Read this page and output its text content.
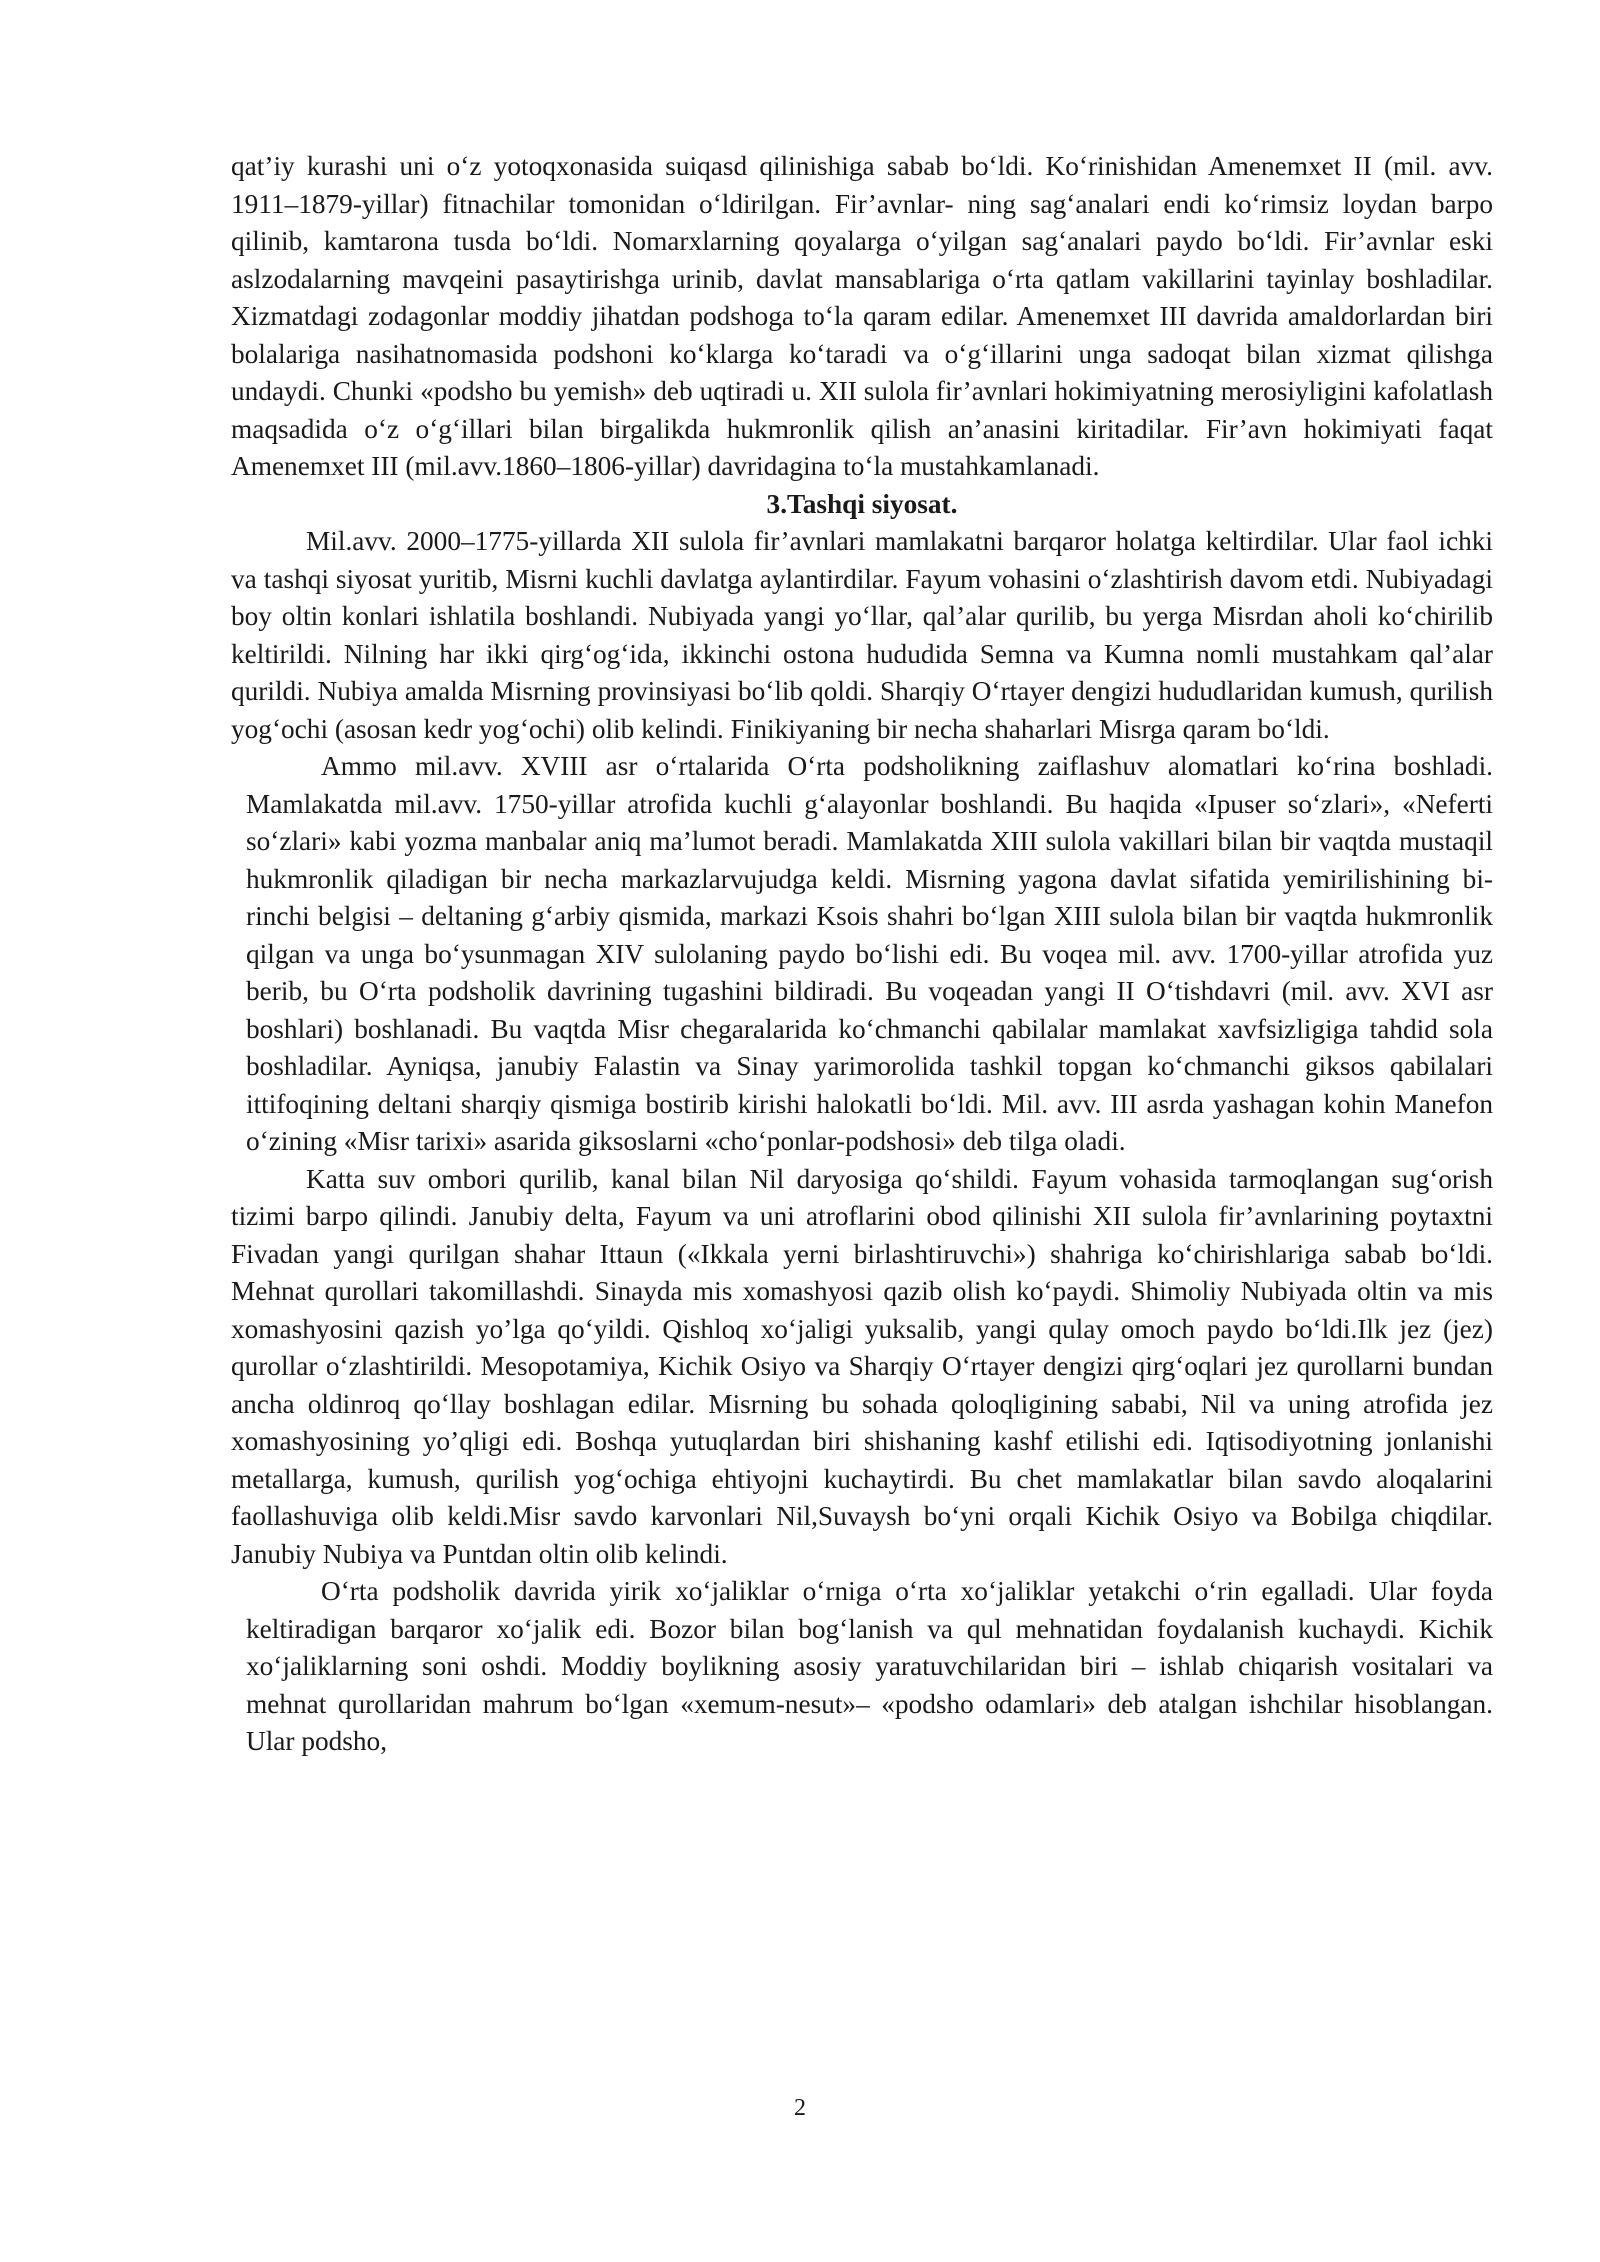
qat’iy kurashi uni o‘z yotoqxonasida suiqasd qilinishiga sabab bo‘ldi. Ko‘rinishidan Amenemxet II (mil. avv. 1911–1879-yillar) fitnachilar tomonidan o‘ldirilgan. Fir’avnlar- ning sag‘analari endi ko‘rimsiz loydan barpo qilinib, kamtarona tusda bo‘ldi. Nomarxlarning qoyalarga o‘yilgan sag‘analari paydo bo‘ldi. Fir’avnlar eski aslzodalarning mavqeini pasaytirishga urinib, davlat mansablariga o‘rta qatlam vakillarini tayinlay boshladilar. Xizmatdagi zodagonlar moddiy jihatdan podshoga to‘la qaram edilar. Amenemxet III davrida amaldorlardan biri bolalariga nasihatnomasida podshoni ko‘klarga ko‘taradi va o‘g‘illarini unga sadoqat bilan xizmat qilishga undaydi. Chunki «podsho bu yemish» deb uqtiradi u. XII sulola fir’avnlari hokimiyatning merosiyligini kafolatlash maqsadida o‘z o‘g‘illari bilan birgalikda hukmronlik qilish an’anasini kiritadilar. Fir’avn hokimiyati faqat Amenemxet III (mil.avv.1860–1806-yillar) davridagina to‘la mustahkamlanadi.

3.Tashqi siyosat.

Mil.avv. 2000–1775-yillarda XII sulola fir’avnlari mamlakatni barqaror holatga keltirdilar. Ular faol ichki va tashqi siyosat yuritib, Misrni kuchli davlatga aylantirdilar. Fayum vohasini o‘zlashtirish davom etdi. Nubiyadagi boy oltin konlari ishlatila boshlandi. Nubiyada yangi yo‘llar, qal’alar qurilib, bu yerga Misrdan aholi ko‘chirilib keltirildi. Nilning har ikki qirg‘og‘ida, ikkinchi ostona hududida Semna va Kumna nomli mustahkam qal’alar qurildi. Nubiya amalda Misrning provinsiyasi bo‘lib qoldi. Sharqiy O‘rtayer dengizi hududlaridan kumush, qurilish yog‘ochi (asosan kedr yog‘ochi) olib kelindi. Finikiyaning bir necha shaharlari Misrga qaram bo‘ldi.

Ammo mil.avv. XVIII asr o‘rtalarida O‘rta podsholikning zaiflashuv alomatlari ko‘rina boshladi. Mamlakatda mil.avv. 1750-yillar atrofida kuchli g‘alayonlar boshlandi. Bu haqida «Ipuser so‘zlari», «Neferti so‘zlari» kabi yozma manbalar aniq ma’lumot beradi. Mamlakatda XIII sulola vakillari bilan bir vaqtda mustaqil hukmronlik qiladigan bir necha markazlarvujudga keldi. Misrning yagona davlat sifatida yemirilishining bi- rinchi belgisi – deltaning g‘arbiy qismida, markazi Ksois shahri bo‘lgan XIII sulola bilan bir vaqtda hukmronlik qilgan va unga bo‘ysunmagan XIV sulolaning paydo bo‘lishi edi. Bu voqea mil. avv. 1700-yillar atrofida yuz berib, bu O‘rta podsholik davrining tugashini bildiradi. Bu voqeadan yangi II O‘tishdavri (mil. avv. XVI asr boshlari) boshlanadi. Bu vaqtda Misr chegaralarida ko‘chmanchi qabilalar mamlakat xavfsizligiga tahdid sola boshladilar. Ayniqsa, janubiy Falastin va Sinay yarimorolida tashkil topgan ko‘chmanchi giksos qabilalari ittifoqining deltani sharqiy qismiga bostirib kirishi halokatli bo‘ldi. Mil. avv. III asrda yashagan kohin Manefon o‘zining «Misr tarixi» asarida giksoslarni «cho‘ponlar-podshosi» deb tilga oladi.

Katta suv ombori qurilib, kanal bilan Nil daryosiga qo‘shildi. Fayum vohasida tarmoqlangan sug‘orish tizimi barpo qilindi. Janubiy delta, Fayum va uni atroflarini obod qilinishi XII sulola fir’avnlarining poytaxtni Fivadan yangi qurilgan shahar Ittaun («Ikkala yerni birlashtiruvchi») shahriga ko‘chirishlariga sabab bo‘ldi. Mehnat qurollari takomillashdi. Sinayda mis xomashyosi qazib olish ko‘paydi. Shimoliy Nubiyada oltin va mis xomashyosini qazish yo’lga qo‘yildi. Qishloq xo‘jaligi yuksalib, yangi qulay omoch paydo bo‘ldi.Ilk jez (jez) qurollar o‘zlashtirildi. Mesopotamiya, Kichik Osiyo va Sharqiy O‘rtayer dengizi qirg‘oqlari jez qurollarni bundan ancha oldinroq qo‘llay boshlagan edilar. Misrning bu sohada qoloqligining sababi, Nil va uning atrofida jez xomashyosining yo’qligi edi. Boshqa yutuqlardan biri shishaning kashf etilishi edi. Iqtisodiyotning jonlanishi metallarga, kumush, qurilish yog‘ochiga ehtiyojni kuchaytirdi. Bu chet mamlakatlar bilan savdo aloqalarini faollashuviga olib keldi.Misr savdo karvonlari Nil,Suvaysh bo‘yni orqali Kichik Osiyo va Bobilga chiqdilar. Janubiy Nubiya va Puntdan oltin olib kelindi.

O‘rta podsholik davrida yirik xo‘jaliklar o‘rniga o‘rta xo‘jaliklar yetakchi o‘rin egalladi. Ular foyda keltiradigan barqaror xo‘jalik edi. Bozor bilan bog‘lanish va qul mehnatidan foydalanish kuchaydi. Kichik xo‘jaliklarning soni oshdi. Moddiy boylikning asosiy yaratuvchilaridan biri – ishlab chiqarish vositalari va mehnat qurollaridan mahrum bo‘lgan «xemum-nesut»– «podsho odamlari» deb atalgan ishchilar hisoblangan. Ular podsho,

2
